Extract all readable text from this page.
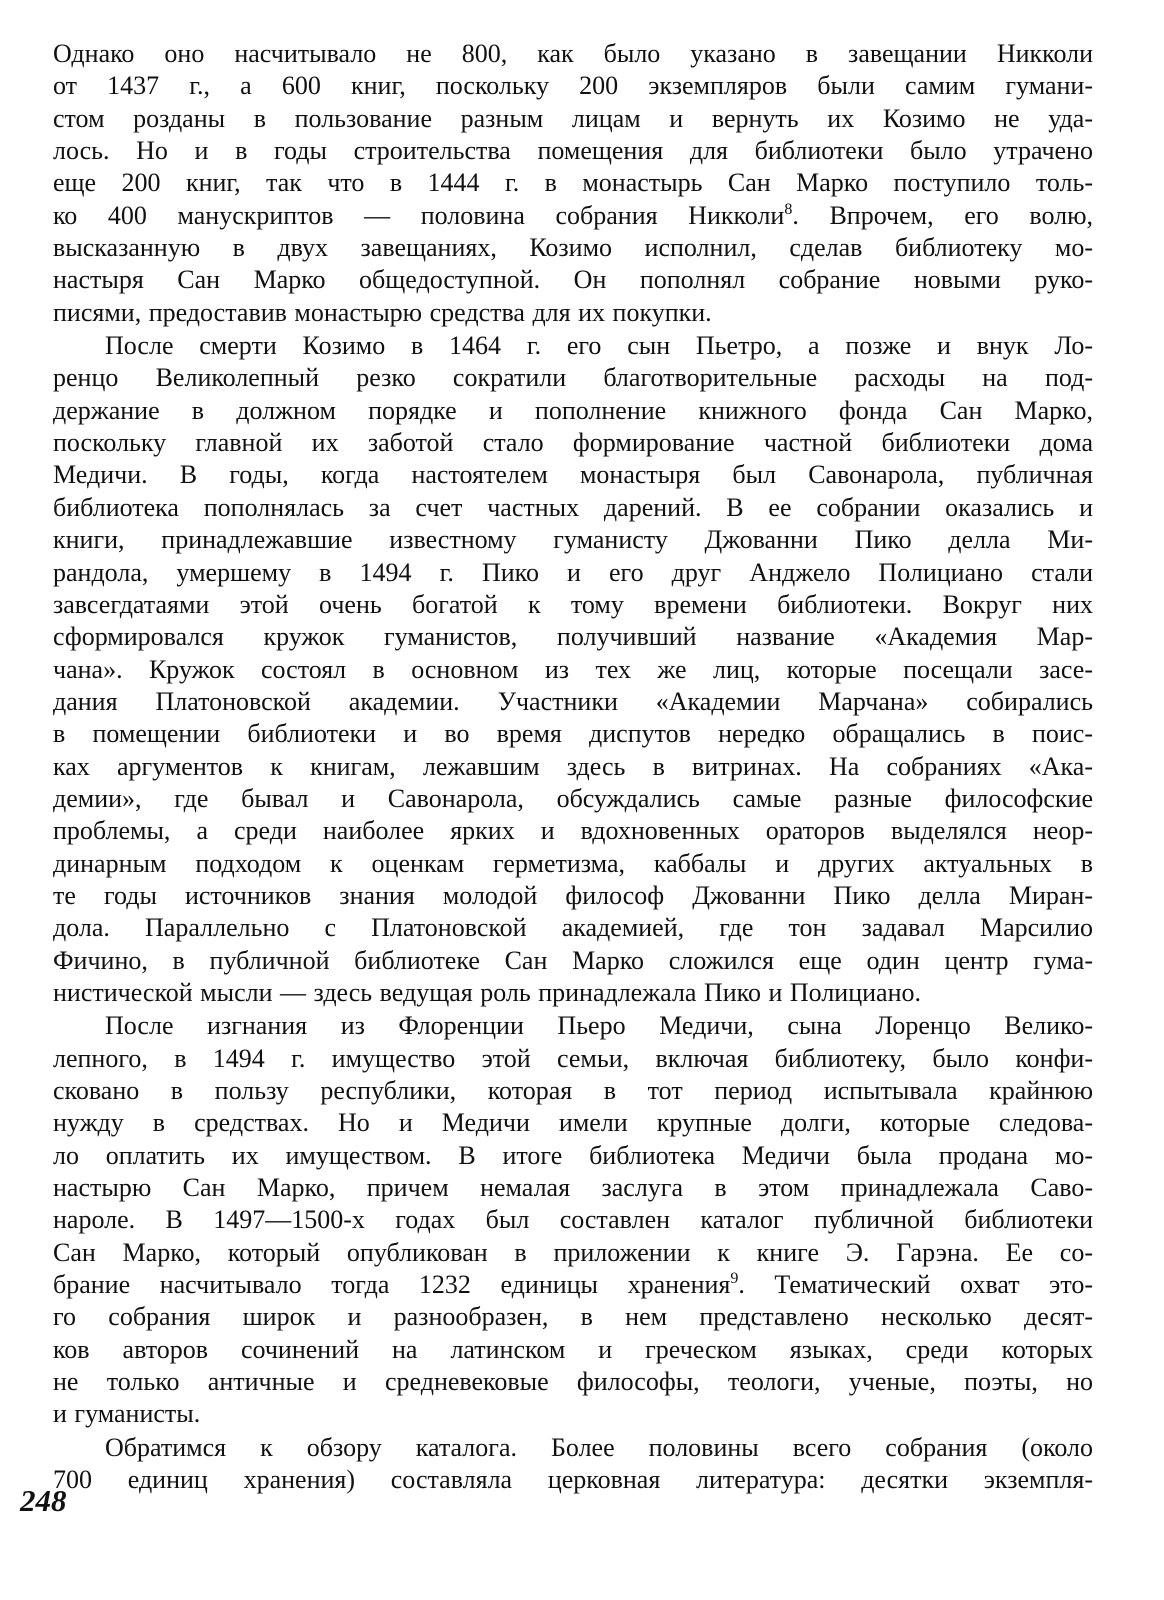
Однако оно насчитывало не 800, как было указано в завещании Никколи
от 1437 г., а 600 книг, поскольку 200 экземпляров были самим гумани-
стом розданы в пользование разным лицам и вернуть их Козимо не уда-
лось. Но и в годы строительства помещения для библиотеки было утрачено
еще 200 книг, так что в 1444 г. в монастырь Сан Марко поступило толь-
ко 400 манускриптов — половина собрания Никколи$^8$. Впрочем, его волю,
высказанную в двух завещаниях, Козимо исполнил, сделав библиотеку мо-
настыря Сан Марко общедоступной. Он пополнял собрание новыми руко-
писями, предоставив монастырю средства для их покупки.

После смерти Козимо в 1464 г. его сын Пьетро, а позже и внук Ло-
ренцо Великолепный резко сократили благотворительные расходы на под-
держание в должном порядке и пополнение книжного фонда Сан Марко,
поскольку главной их заботой стало формирование частной библиотеки дома
Медичи. В годы, когда настоятелем монастыря был Савонарола, публичная
библиотека пополнялась за счет частных дарений. В ее собрании оказались и
книги, принадлежавшие известному гуманисту Джованни Пико делла Ми-
рандола, умершему в 1494 г. Пико и его друг Анджело Полициано стали
завсегдатаями этой очень богатой к тому времени библиотеки. Вокруг них
сформировался кружок гуманистов, получивший название «Академия Мар-
чана». Кружок состоял в основном из тех же лиц, которые посещали засе-
дания Платоновской академии. Участники «Академии Марчана» собирались
в помещении библиотеки и во время диспутов нередко обращались в поис-
ках аргументов к книгам, лежавшим здесь в витринах. На собраниях «Ака-
демии», где бывал и Савонарола, обсуждались самые разные философские
проблемы, а среди наиболее ярких и вдохновенных ораторов выделялся неор-
динарным подходом к оценкам герметизма, каббалы и других актуальных в
те годы источников знания молодой философ Джованни Пико делла Миран-
дола. Параллельно с Платоновской академией, где тон задавал Марсилио
Фичино, в публичной библиотеке Сан Марко сложился еще один центр гума-
нистической мысли — здесь ведущая роль принадлежала Пико и Полициано.

После изгнания из Флоренции Пьеро Медичи, сына Лоренцо Велико-
лепного, в 1494 г. имущество этой семьи, включая библиотеку, было конфи-
сковано в пользу республики, которая в тот период испытывала крайнюю
нужду в средствах. Но и Медичи имели крупные долги, которые следова-
ло оплатить их имуществом. В итоге библиотека Медичи была продана мо-
настырю Сан Марко, причем немалая заслуга в этом принадлежала Саво-
нароле. В 1497—1500-х годах был составлен каталог публичной библиотеки
Сан Марко, который опубликован в приложении к книге Э. Гарэна. Ее со-
брание насчитывало тогда 1232 единицы хранения$^9$. Тематический охват это-
го собрания широк и разнообразен, в нем представлено несколько десят-
ков авторов сочинений на латинском и греческом языках, среди которых
не только античные и средневековые философы, теологи, ученые, поэты, но
и гуманисты.

Обратимся к обзору каталога. Более половины всего собрания (около
700 единиц хранения) составляла церковная литература: десятки экземпля-

248
